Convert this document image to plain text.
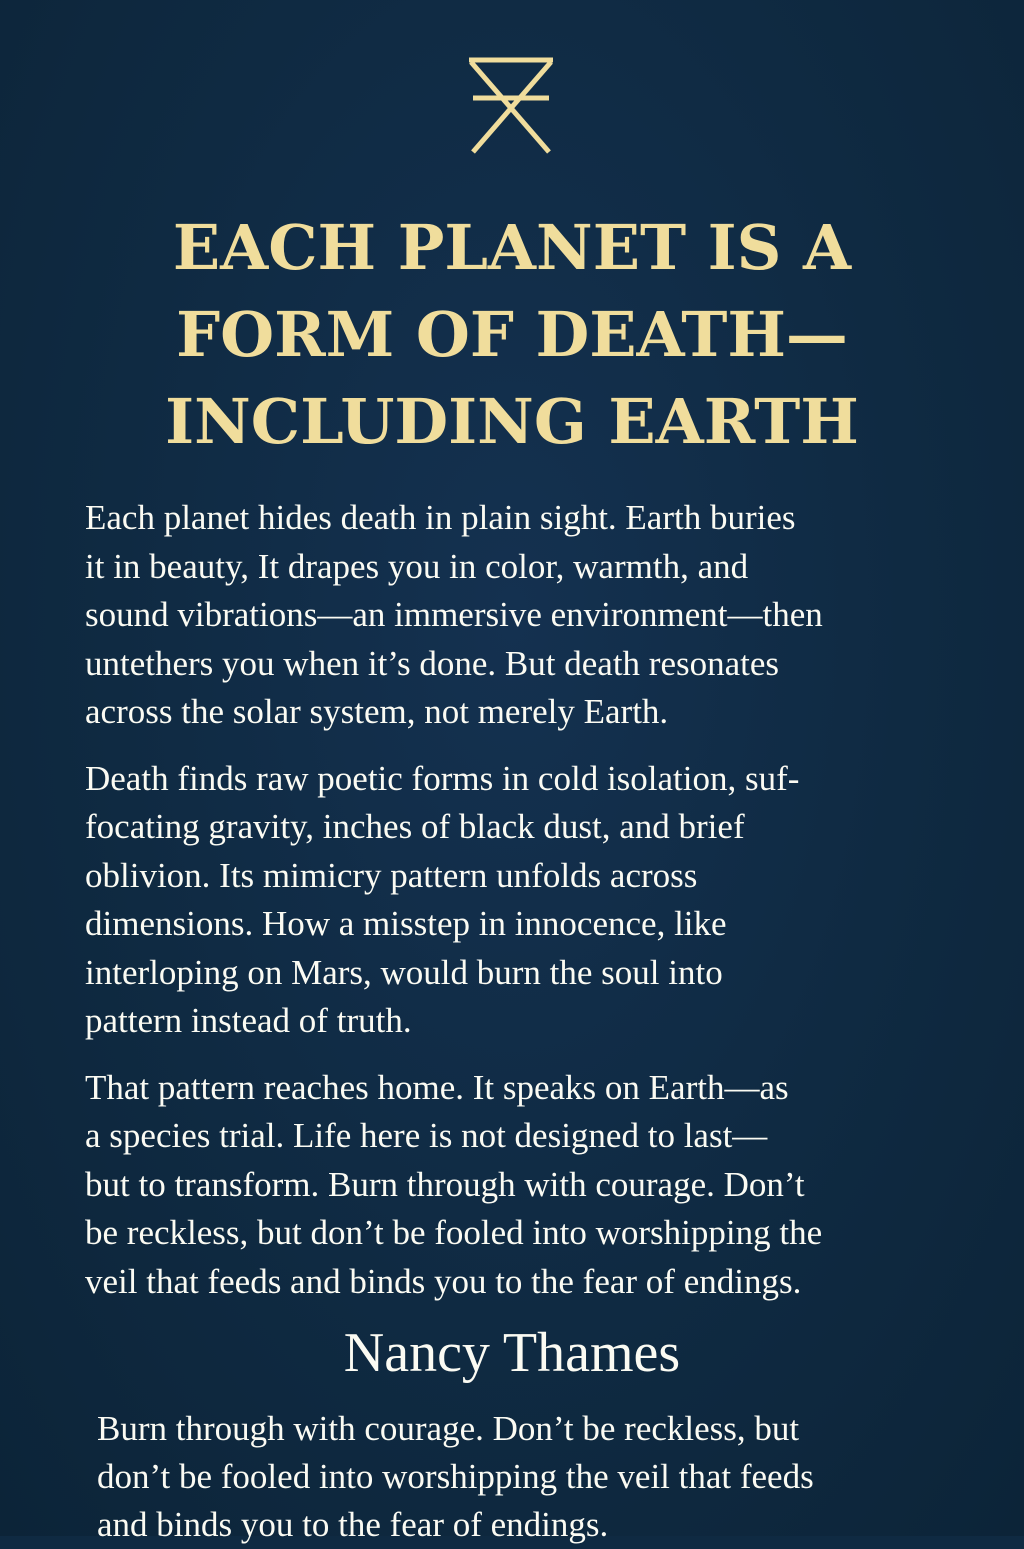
EACH PLANET IS A
FORM OF DEATH—
INCLUDING EARTH

Each planet hides death in plain sight. Earth buries
it in beauty, It drapes you in color, warmth, and
sound vibrations—an immersive environment—then
untethers you when it’s done. But death resonates
across the solar system, not merely Earth.

Death finds raw poetic forms in cold isolation, suf-
focating gravity, inches of black dust, and brief
oblivion. Its mimicry pattern unfolds across
dimensions. How a misstep in innocence, like
interloping on Mars, would burn the soul into
pattern instead of truth.

That pattern reaches home. It speaks on Earth—as
a species trial. Life here is not designed to last—
but to transform. Burn through with courage. Don’t
be reckless, but don’t be fooled into worshipping the
veil that feeds and binds you to the fear of endings.

Nancy Thames
Burn through with courage. Don’t be reckless, but
don’t be fooled into worshipping the veil that feeds
and binds you to the fear of endings.
